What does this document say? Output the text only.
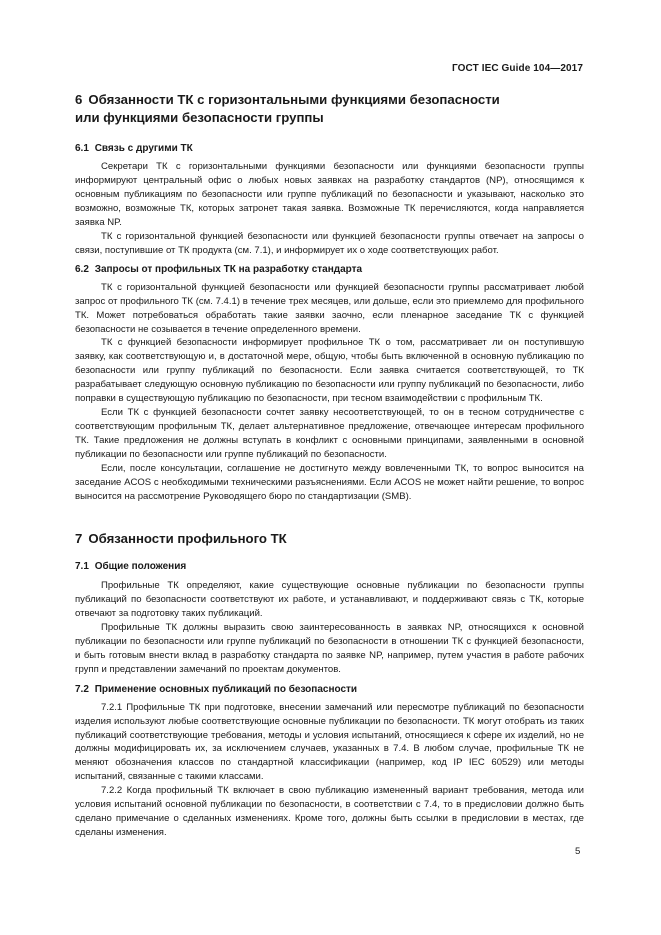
ГОСТ IEC Guide 104—2017
6 Обязанности ТК с горизонтальными функциями безопасности
или функциями безопасности группы
6.1 Связь с другими ТК

Секретари ТК с горизонтальными функциями безопасности или функциями безопасности группы информируют центральный офис о любых новых заявках на разработку стандартов (NP), относящимся к основным публикациям по безопасности или группе публикаций по безопасности и указывают, насколько это возможно, возможные ТК, которых затронет такая заявка. Возможные ТК перечисляются, когда направляется заявка NP.

ТК с горизонтальной функцией безопасности или функцией безопасности группы отвечает на запросы о связи, поступившие от ТК продукта (см. 7.1), и информирует их о ходе соответствующих работ.

6.2 Запросы от профильных ТК на разработку стандарта

ТК с горизонтальной функцией безопасности или функцией безопасности группы рассматривает любой запрос от профильного ТК (см. 7.4.1) в течение трех месяцев, или дольше, если это приемлемо для профильного ТК. Может потребоваться обработать такие заявки заочно, если пленарное заседание ТК с функцией безопасности не созывается в течение определенного времени.

ТК с функцией безопасности информирует профильное ТК о том, рассматривает ли он поступившую заявку, как соответствующую и, в достаточной мере, общую, чтобы быть включенной в основную публикацию по безопасности или группу публикаций по безопасности. Если заявка считается соответствующей, то ТК разрабатывает следующую основную публикацию по безопасности или группу публикаций по безопасности, либо поправки в существующую публикацию по безопасности, при тесном взаимодействии с профильным ТК.

Если ТК с функцией безопасности сочтет заявку несоответствующей, то он в тесном сотрудничестве с соответствующим профильным ТК, делает альтернативное предложение, отвечающее интересам профильного ТК. Такие предложения не должны вступать в конфликт с основными принципами, заявленными в основной публикации по безопасности или группе публикаций по безопасности.

Если, после консультации, соглашение не достигнуто между вовлеченными ТК, то вопрос выносится на заседание ACOS с необходимыми техническими разъяснениями. Если ACOS не может найти решение, то вопрос выносится на рассмотрение Руководящего бюро по стандартизации (SMB).

7 Обязанности профильного ТК
7.1 Общие положения

Профильные ТК определяют, какие существующие основные публикации по безопасности группы публикаций по безопасности соответствуют их работе, и устанавливают, и поддерживают связь с ТК, которые отвечают за подготовку таких публикаций.

Профильные ТК должны выразить свою заинтересованность в заявках NP, относящихся к основной публикации по безопасности или группе публикаций по безопасности в отношении ТК с функцией безопасности, и быть готовым внести вклад в разработку стандарта по заявке NP, например, путем участия в работе рабочих групп и представлении замечаний по проектам документов.

7.2 Применение основных публикаций по безопасности

7.2.1 Профильные ТК при подготовке, внесении замечаний или пересмотре публикаций по безопасности изделия используют любые соответствующие основные публикации по безопасности. ТК могут отобрать из таких публикаций соответствующие требования, методы и условия испытаний, относящиеся к сфере их изделий, но не должны модифицировать их, за исключением случаев, указанных в 7.4. В любом случае, профильные ТК не меняют обозначения классов по стандартной классификации (например, код IP IEC 60529) или методы испытаний, связанные с такими классами.

7.2.2 Когда профильный ТК включает в свою публикацию измененный вариант требования, метода или условия испытаний основной публикации по безопасности, в соответствии с 7.4, то в предисловии должно быть сделано примечание о сделанных изменениях. Кроме того, должны быть ссылки в предисловии в местах, где сделаны изменения.

5
